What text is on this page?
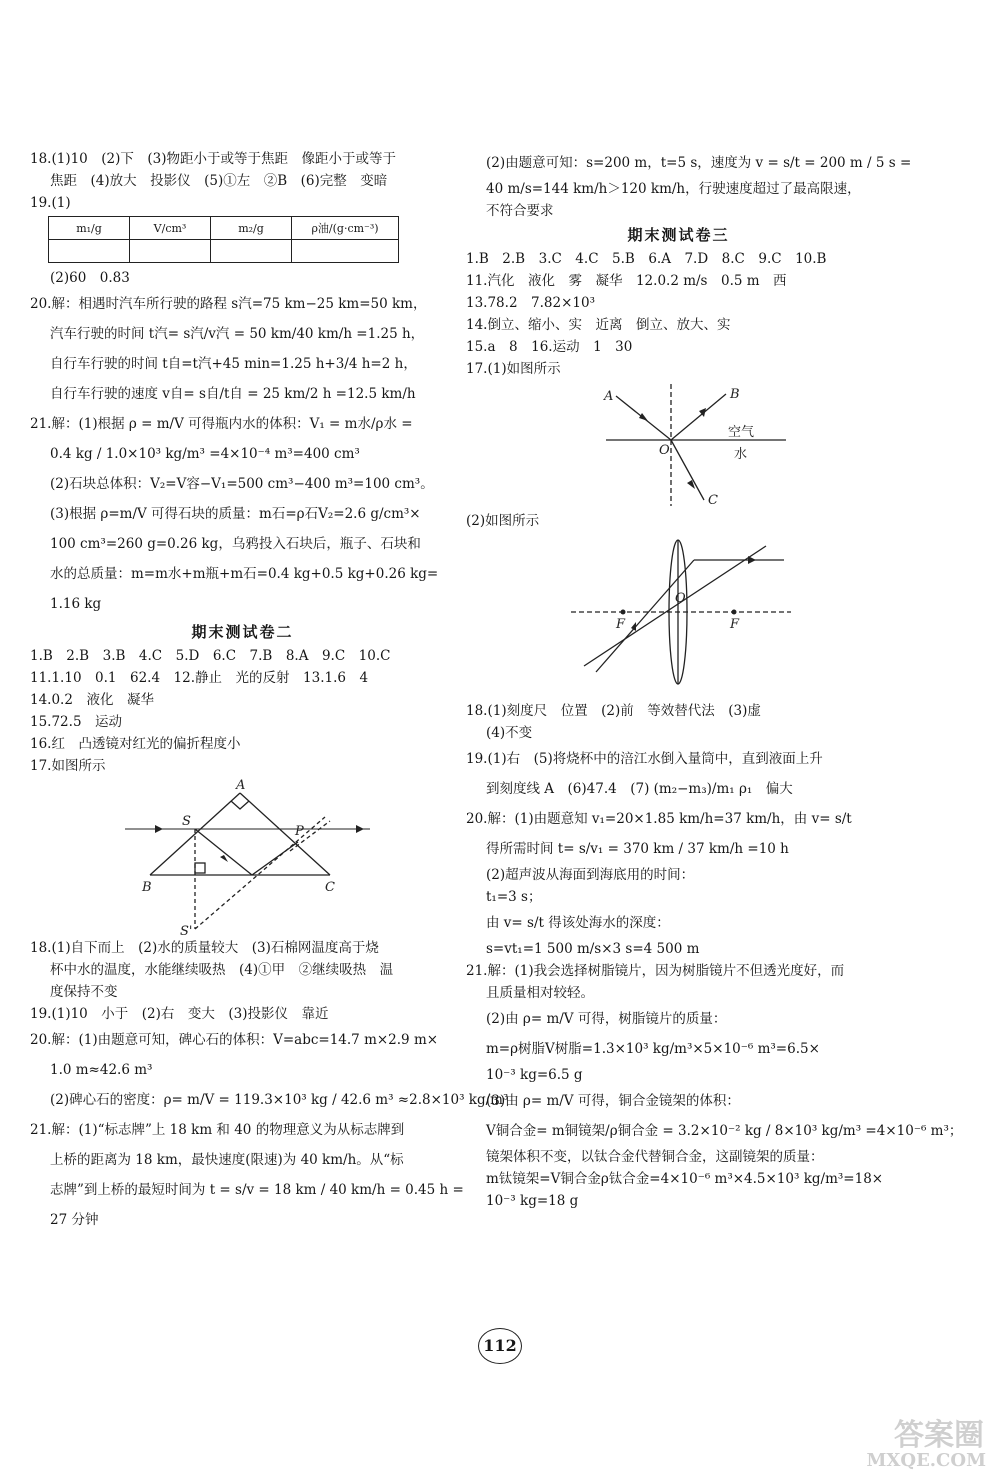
18.(1)10　(2)下　(3)物距小于或等于焦距　像距小于或等于
焦距　(4)放大　投影仪　(5)①左　②B　(6)完整　变暗
19.(1)
m₁/g	V/cm³	m₂/g	ρ油/(g·cm⁻³)

(2)60　0.83
20.解：相遇时汽车所行驶的路程 s汽=75 km−25 km=50 km，
汽车行驶的时间 t汽= s汽/v汽 = 50 km/40 km/h =1.25 h，
自行车行驶的时间 t自=t汽+45 min=1.25 h+3/4 h=2 h，
自行车行驶的速度 v自= s自/t自 = 25 km/2 h =12.5 km/h
21.解：(1)根据 ρ = m/V 可得瓶内水的体积：V₁ = m水/ρ水 =
0.4 kg / 1.0×10³ kg/m³ =4×10⁻⁴ m³=400 cm³
(2)石块总体积：V₂=V容−V₁=500 cm³−400 m³=100 cm³。
(3)根据 ρ=m/V 可得石块的质量：m石=ρ石V₂=2.6 g/cm³×
100 cm³=260 g=0.26 kg，乌鸦投入石块后，瓶子、石块和
水的总质量：m=m水+m瓶+m石=0.4 kg+0.5 kg+0.26 kg=
1.16 kg
期末测试卷二
1.B　2.B　3.B　4.C　5.D　6.C　7.B　8.A　9.C　10.C
11.1.10　0.1　62.4　12.静止　光的反射　13.1.6　4
14.0.2　液化　凝华
15.72.5　运动
16.红　凸透镜对红光的偏折程度小
17.如图所示
A
S
P
B	C
S'
18.(1)自下而上　(2)水的质量较大　(3)石棉网温度高于烧
杯中水的温度，水能继续吸热　(4)①甲　②继续吸热　温
度保持不变
19.(1)10　小于　(2)右　变大　(3)投影仪　靠近
20.解：(1)由题意可知，碑心石的体积：V=abc=14.7 m×2.9 m×
1.0 m≈42.6 m³
(2)碑心石的密度：ρ= m/V = 119.3×10³ kg / 42.6 m³ ≈2.8×10³ kg/m³
21.解：(1)“标志牌”上 18 km 和 40 的物理意义为从标志牌到
上桥的距离为 18 km，最快速度(限速)为 40 km/h。从“标
志牌”到上桥的最短时间为 t = s/v = 18 km / 40 km/h = 0.45 h =
27 分钟
(2)由题意可知：s=200 m，t=5 s，速度为 v = s/t = 200 m / 5 s =
40 m/s=144 km/h＞120 km/h，行驶速度超过了最高限速，
不符合要求
期末测试卷三
1.B　2.B　3.C　4.C　5.B　6.A　7.D　8.C　9.C　10.B
11.汽化　液化　雾　凝华　12.0.2 m/s　0.5 m　西
13.78.2　7.82×10³
14.倒立、缩小、实　近离　倒立、放大、实
15.a　8　16.运动　1　30
17.(1)如图所示
A	B
O
C
空气
水
(2)如图所示
O
F	F
18.(1)刻度尺　位置　(2)前　等效替代法　(3)虚
(4)不变
19.(1)右　(5)将烧杯中的涪江水倒入量筒中，直到液面上升
到刻度线 A　(6)47.4　(7) (m₂−m₃)/m₁ ρ₁　偏大
20.解：(1)由题意知 v₁=20×1.85 km/h=37 km/h，由 v= s/t
得所需时间 t= s/v₁ = 370 km / 37 km/h =10 h
(2)超声波从海面到海底用的时间：
t₁=3 s；
由 v= s/t 得该处海水的深度：
s=vt₁=1 500 m/s×3 s=4 500 m
21.解：(1)我会选择树脂镜片，因为树脂镜片不但透光度好，而
且质量相对较轻。
(2)由 ρ= m/V 可得，树脂镜片的质量：
m=ρ树脂V树脂=1.3×10³ kg/m³×5×10⁻⁶ m³=6.5×
10⁻³ kg=6.5 g
(3)由 ρ= m/V 可得，铜合金镜架的体积：
V铜合金= m铜镜架/ρ铜合金 = 3.2×10⁻² kg / 8×10³ kg/m³ =4×10⁻⁶ m³；
镜架体积不变，以钛合金代替铜合金，这副镜架的质量：
m钛镜架=V铜合金ρ钛合金=4×10⁻⁶ m³×4.5×10³ kg/m³=18×
10⁻³ kg=18 g
112
答案圈
MXQE.COM
